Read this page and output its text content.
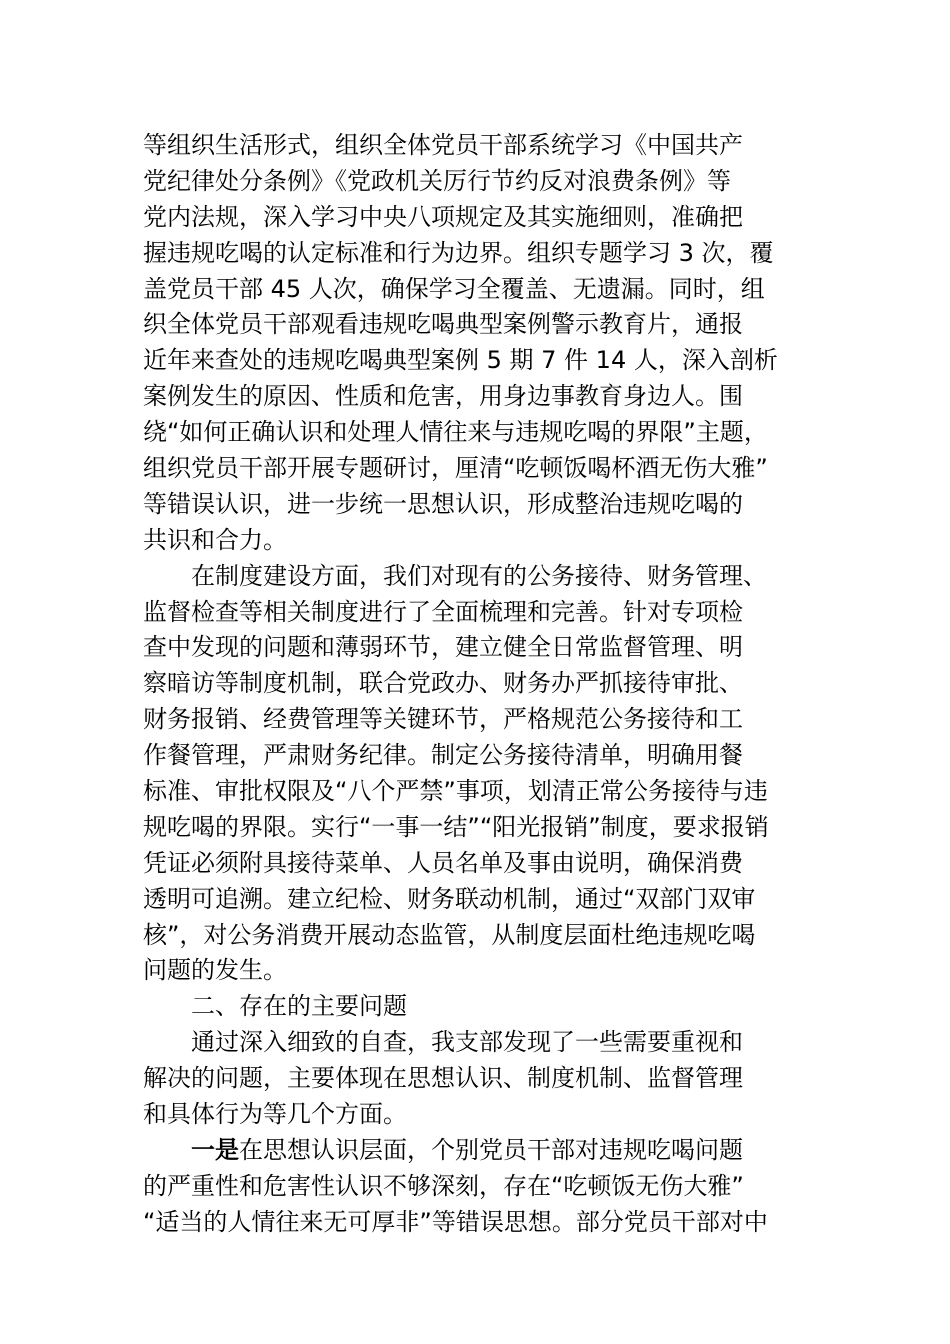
等组织生活形式，组织全体党员干部系统学习《中国共产
党纪律处分条例》《党政机关厉行节约反对浪费条例》等
党内法规，深入学习中央八项规定及其实施细则，准确把
握违规吃喝的认定标准和行为边界。组织专题学习 3 次，覆
盖党员干部 45 人次，确保学习全覆盖、无遗漏。同时，组
织全体党员干部观看违规吃喝典型案例警示教育片，通报
近年来查处的违规吃喝典型案例 5 期 7 件 14 人，深入剖析
案例发生的原因、性质和危害，用身边事教育身边人。围
绕“如何正确认识和处理人情往来与违规吃喝的界限”主题，
组织党员干部开展专题研讨，厘清“吃顿饭喝杯酒无伤大雅”
等错误认识，进一步统一思想认识，形成整治违规吃喝的
共识和合力。
在制度建设方面，我们对现有的公务接待、财务管理、
监督检查等相关制度进行了全面梳理和完善。针对专项检
查中发现的问题和薄弱环节，建立健全日常监督管理、明
察暗访等制度机制，联合党政办、财务办严抓接待审批、
财务报销、经费管理等关键环节，严格规范公务接待和工
作餐管理，严肃财务纪律。制定公务接待清单，明确用餐
标准、审批权限及“八个严禁”事项，划清正常公务接待与违
规吃喝的界限。实行“一事一结”“阳光报销”制度，要求报销
凭证必须附具接待菜单、人员名单及事由说明，确保消费
透明可追溯。建立纪检、财务联动机制，通过“双部门双审
核”，对公务消费开展动态监管，从制度层面杜绝违规吃喝
问题的发生。
二、存在的主要问题
通过深入细致的自查，我支部发现了一些需要重视和
解决的问题，主要体现在思想认识、制度机制、监督管理
和具体行为等几个方面。
一是在思想认识层面，个别党员干部对违规吃喝问题
的严重性和危害性认识不够深刻，存在“吃顿饭无伤大雅”
“适当的人情往来无可厚非”等错误思想。部分党员干部对中
